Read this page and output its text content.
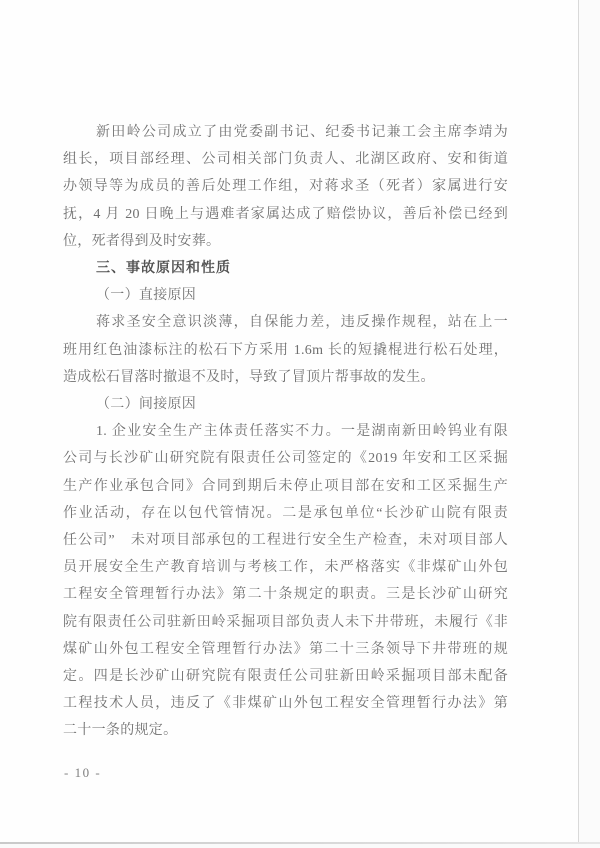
新田岭公司成立了由党委副书记、纪委书记兼工会主席李靖为
组长，项目部经理、公司相关部门负责人、北湖区政府、安和街道
办领导等为成员的善后处理工作组，对蒋求圣（死者）家属进行安
抚，4 月 20 日晚上与遇难者家属达成了赔偿协议，善后补偿已经到
位，死者得到及时安葬。
三、事故原因和性质
（一）直接原因
蒋求圣安全意识淡薄，自保能力差，违反操作规程，站在上一
班用红色油漆标注的松石下方采用 1.6m 长的短撬棍进行松石处理，
造成松石冒落时撤退不及时，导致了冒顶片帮事故的发生。
（二）间接原因
1. 企业安全生产主体责任落实不力。一是湖南新田岭钨业有限
公司与长沙矿山研究院有限责任公司签定的《2019 年安和工区采掘
生产作业承包合同》合同到期后未停止项目部在安和工区采掘生产
作业活动，存在以包代管情况。二是承包单位“长沙矿山院有限责
任公司”　未对项目部承包的工程进行安全生产检查，未对项目部人
员开展安全生产教育培训与考核工作，未严格落实《非煤矿山外包
工程安全管理暂行办法》第二十条规定的职责。三是长沙矿山研究
院有限责任公司驻新田岭采掘项目部负责人未下井带班，未履行《非
煤矿山外包工程安全管理暂行办法》第二十三条领导下井带班的规
定。四是长沙矿山研究院有限责任公司驻新田岭采掘项目部未配备
工程技术人员，违反了《非煤矿山外包工程安全管理暂行办法》第
二十一条的规定。
- 10 -
